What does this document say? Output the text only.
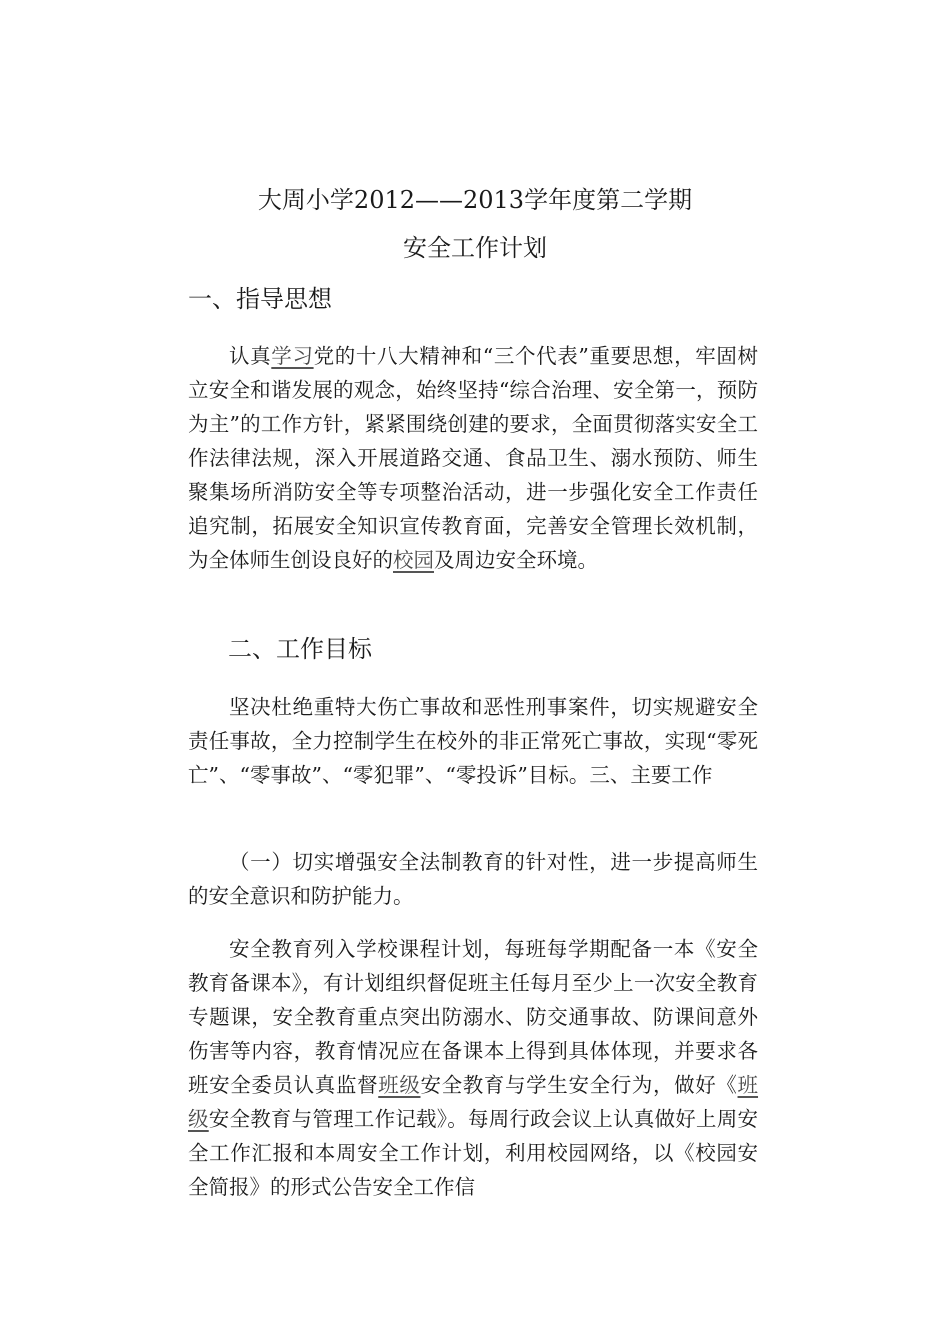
大周小学2012——2013学年度第二学期
安全工作计划
一、指导思想
认真学习党的十八大精神和“三个代表”重要思想，牢固树立安全和谐发展的观念，始终坚持“综合治理、安全第一，预防为主”的工作方针，紧紧围绕创建的要求，全面贯彻落实安全工作法律法规，深入开展道路交通、食品卫生、溺水预防、师生聚集场所消防安全等专项整治活动，进一步强化安全工作责任追究制，拓展安全知识宣传教育面，完善安全管理长效机制，为全体师生创设良好的校园及周边安全环境。
二、工作目标
坚决杜绝重特大伤亡事故和恶性刑事案件，切实规避安全责任事故，全力控制学生在校外的非正常死亡事故，实现“零死亡”、“零事故”、“零犯罪”、“零投诉”目标。三、主要工作
（一）切实增强安全法制教育的针对性，进一步提高师生的安全意识和防护能力。
安全教育列入学校课程计划，每班每学期配备一本《安全教育备课本》，有计划组织督促班主任每月至少上一次安全教育专题课，安全教育重点突出防溺水、防交通事故、防课间意外伤害等内容，教育情况应在备课本上得到具体体现，并要求各班安全委员认真监督班级安全教育与学生安全行为，做好《班级安全教育与管理工作记载》。每周行政会议上认真做好上周安全工作汇报和本周安全工作计划，利用校园网络，以《校园安全简报》的形式公告安全工作信
